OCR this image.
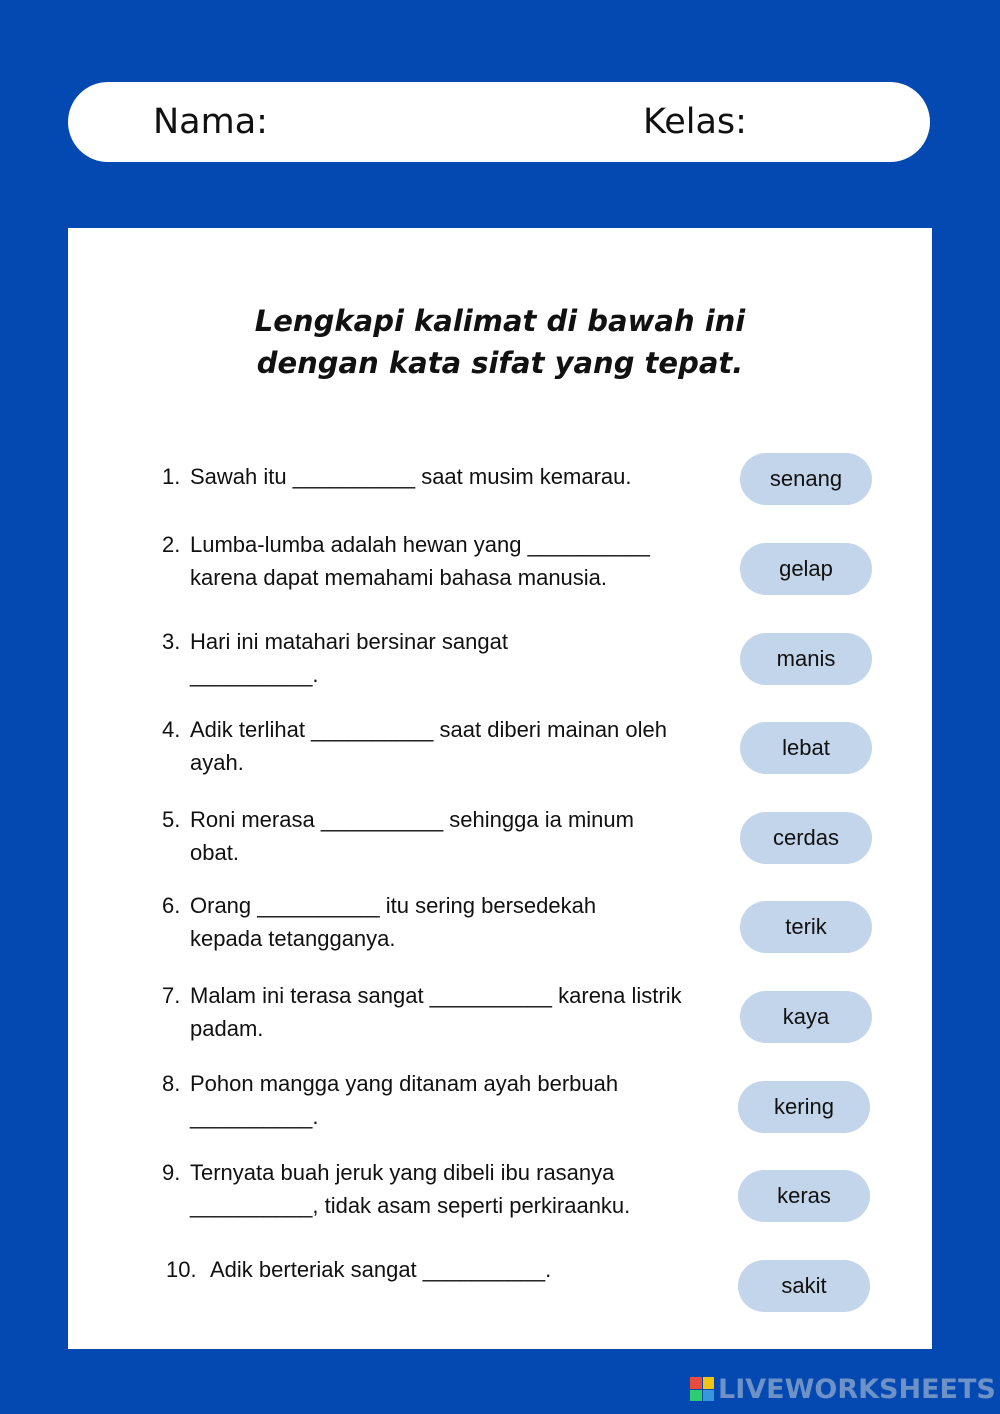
Nama:	Kelas:
Lengkapi kalimat di bawah ini dengan kata sifat yang tepat.
1. Sawah itu __________ saat musim kemarau.
2. Lumba-lumba adalah hewan yang __________ karena dapat memahami bahasa manusia.
3. Hari ini matahari bersinar sangat __________.
4. Adik terlihat __________ saat diberi mainan oleh ayah.
5. Roni merasa __________ sehingga ia minum obat.
6. Orang __________ itu sering bersedekah kepada tetangganya.
7. Malam ini terasa sangat __________ karena listrik padam.
8. Pohon mangga yang ditanam ayah berbuah __________.
9. Ternyata buah jeruk yang dibeli ibu rasanya __________, tidak asam seperti perkiraanku.
10. Adik berteriak sangat __________.
senang
gelap
manis
lebat
cerdas
terik
kaya
kering
keras
sakit
LIVEWORKSHEETS
